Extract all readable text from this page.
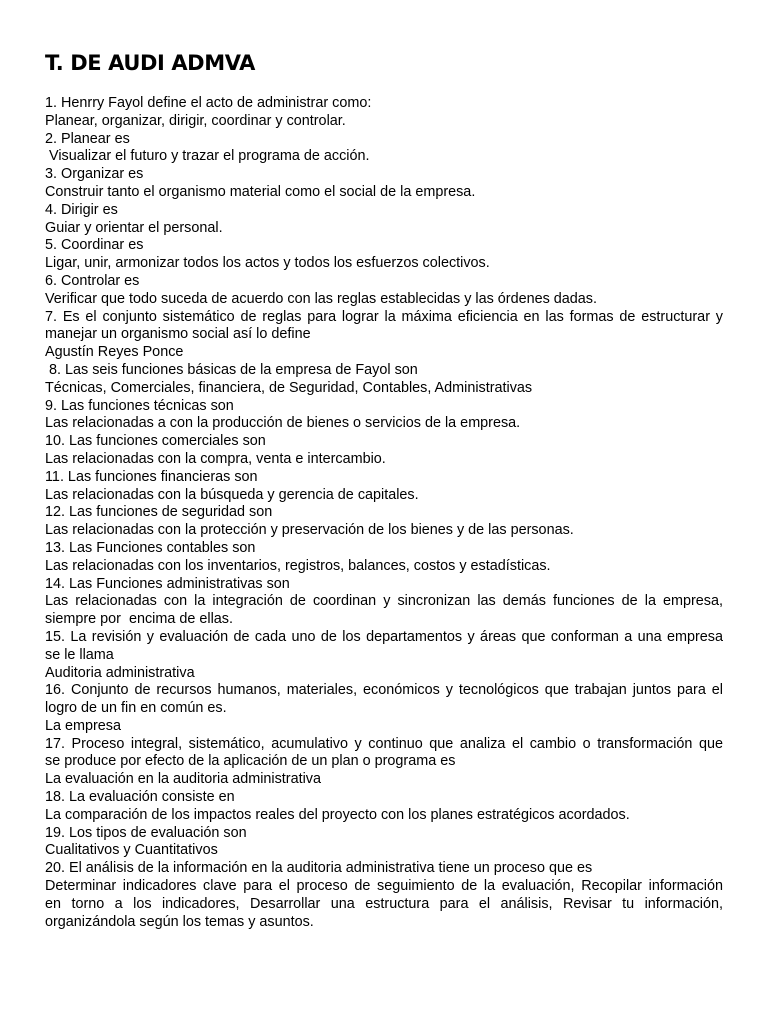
T. DE AUDI ADMVA

1. Henrry Fayol define el acto de administrar como:

Planear, organizar, dirigir, coordinar y controlar.

2. Planear es

Visualizar el futuro y trazar el programa de acción.

3. Organizar es

Construir tanto el organismo material como el social de la empresa.

4. Dirigir es

Guiar y orientar el personal.

5. Coordinar es

Ligar, unir, armonizar todos los actos y todos los esfuerzos colectivos.

6. Controlar es

Verificar que todo suceda de acuerdo con las reglas establecidas y las órdenes dadas.

7. Es el conjunto sistemático de reglas para lograr la máxima eficiencia en las formas de estructurar y

manejar un organismo social así lo define

Agustín Reyes Ponce

8. Las seis funciones básicas de la empresa de Fayol son

Técnicas, Comerciales, financiera, de Seguridad, Contables, Administrativas

9. Las funciones técnicas son

Las relacionadas a con la producción de bienes o servicios de la empresa.

10. Las funciones comerciales son

Las relacionadas con la compra, venta e intercambio.

11. Las funciones financieras son

Las relacionadas con la búsqueda y gerencia de capitales.

12. Las funciones de seguridad son

Las relacionadas con la protección y preservación de los bienes y de las personas.

13. Las Funciones contables son

Las relacionadas con los inventarios, registros, balances, costos y estadísticas.

14. Las Funciones administrativas son

Las relacionadas con la integración de coordinan y sincronizan las demás funciones de la empresa,

siempre por  encima de ellas.

15. La revisión y evaluación de cada uno de los departamentos y áreas que conforman a una empresa

se le llama

Auditoria administrativa

16. Conjunto de recursos humanos, materiales, económicos y tecnológicos que trabajan juntos para el

logro de un fin en común es.

La empresa

17. Proceso integral, sistemático, acumulativo y continuo que analiza el cambio o transformación que

se produce por efecto de la aplicación de un plan o programa es

La evaluación en la auditoria administrativa

18. La evaluación consiste en

La comparación de los impactos reales del proyecto con los planes estratégicos acordados.

19. Los tipos de evaluación son

Cualitativos y Cuantitativos

20. El análisis de la información en la auditoria administrativa tiene un proceso que es

Determinar indicadores clave para el proceso de seguimiento de la evaluación, Recopilar información

en torno a los indicadores, Desarrollar una estructura para el análisis, Revisar tu información,

organizándola según los temas y asuntos.
